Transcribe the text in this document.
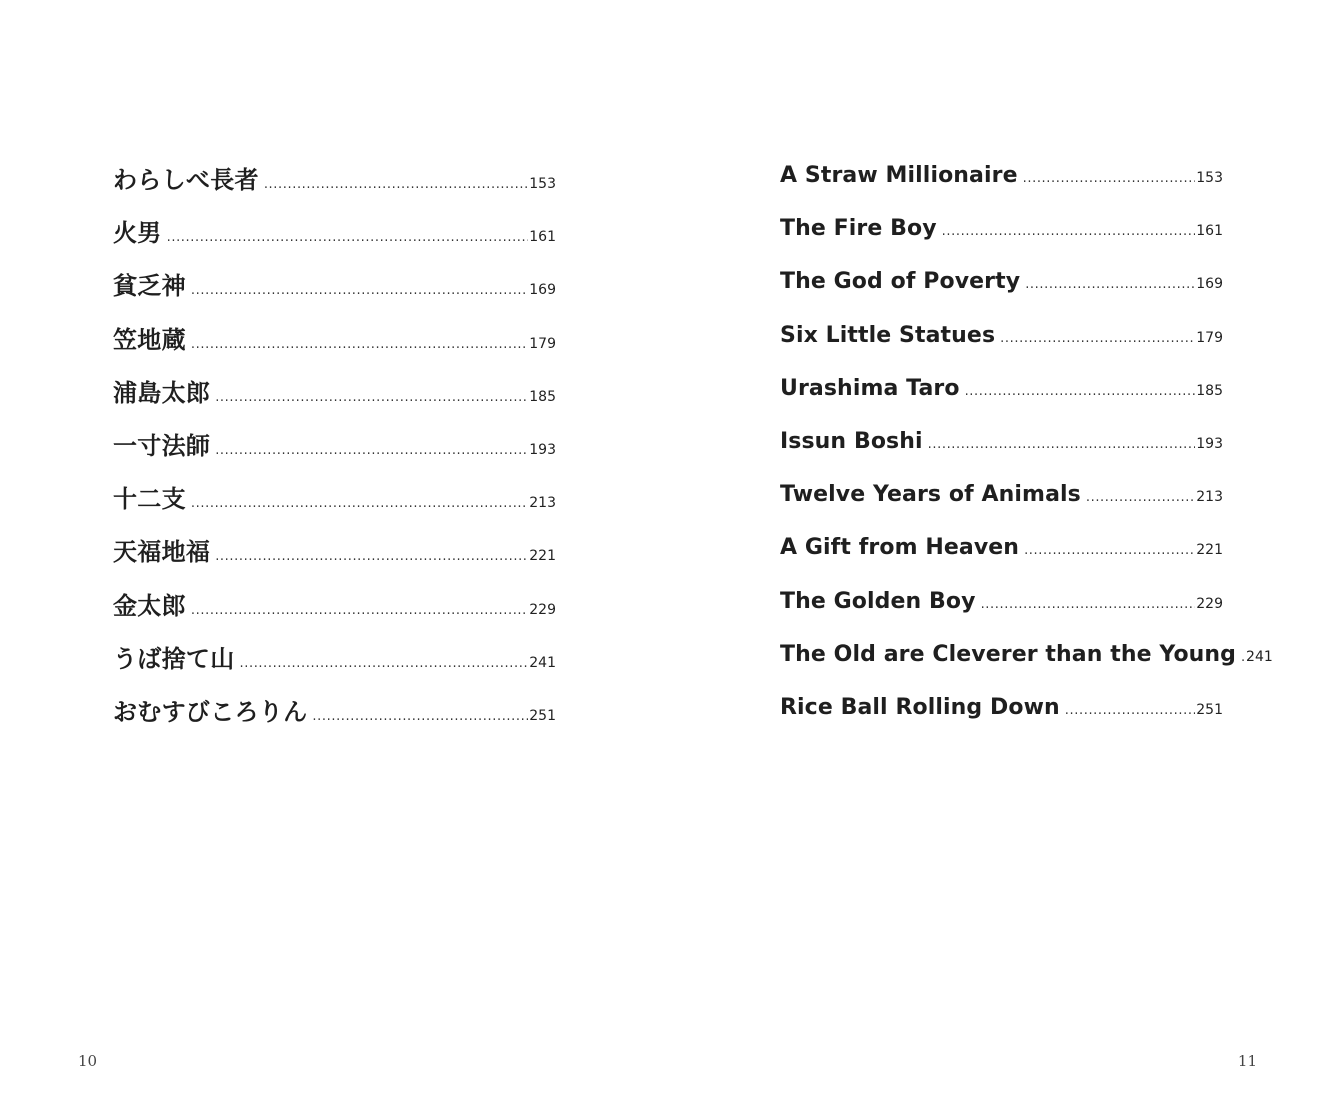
わらしべ長者 .....	153
火男 .....	161
貧乏神 .....	169
笠地蔵 .....	179
浦島太郎 .....	185
一寸法師 .....	193
十二支 .....	213
天福地福 .....	221
金太郎 .....	229
うば捨て山 .....	241
おむすびころりん .....	251
10
A Straw Millionaire .....	153
The Fire Boy .....	161
The God of Poverty .....	169
Six Little Statues .....	179
Urashima Taro .....	185
Issun Boshi .....	193
Twelve Years of Animals .....	213
A Gift from Heaven .....	221
The Golden Boy .....	229
The Old are Cleverer than the Young ..... 241
Rice Ball Rolling Down .....	251
11
